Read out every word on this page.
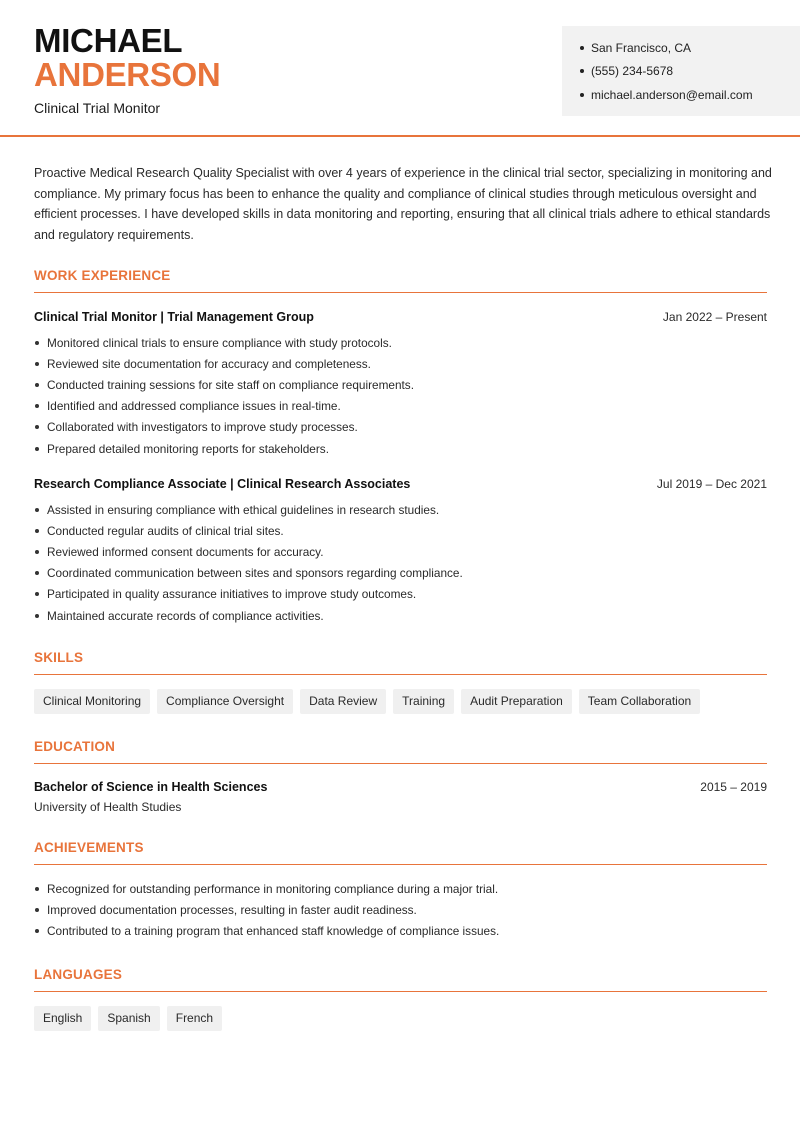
MICHAEL
ANDERSON
Clinical Trial Monitor
San Francisco, CA
(555) 234-5678
michael.anderson@email.com

Proactive Medical Research Quality Specialist with over 4 years of experience in the clinical trial sector, specializing in monitoring and compliance. My primary focus has been to enhance the quality and compliance of clinical studies through meticulous oversight and efficient processes. I have developed skills in data monitoring and reporting, ensuring that all clinical trials adhere to ethical standards and regulatory requirements.

WORK EXPERIENCE
Clinical Trial Monitor | Trial Management Group	Jan 2022 – Present
Monitored clinical trials to ensure compliance with study protocols.
Reviewed site documentation for accuracy and completeness.
Conducted training sessions for site staff on compliance requirements.
Identified and addressed compliance issues in real-time.
Collaborated with investigators to improve study processes.
Prepared detailed monitoring reports for stakeholders.
Research Compliance Associate | Clinical Research Associates	Jul 2019 – Dec 2021
Assisted in ensuring compliance with ethical guidelines in research studies.
Conducted regular audits of clinical trial sites.
Reviewed informed consent documents for accuracy.
Coordinated communication between sites and sponsors regarding compliance.
Participated in quality assurance initiatives to improve study outcomes.
Maintained accurate records of compliance activities.
SKILLS
Clinical Monitoring	Compliance Oversight	Data Review	Training	Audit Preparation	Team Collaboration
EDUCATION
Bachelor of Science in Health Sciences	2015 – 2019
University of Health Studies
ACHIEVEMENTS
Recognized for outstanding performance in monitoring compliance during a major trial.
Improved documentation processes, resulting in faster audit readiness.
Contributed to a training program that enhanced staff knowledge of compliance issues.
LANGUAGES
English	Spanish	French
